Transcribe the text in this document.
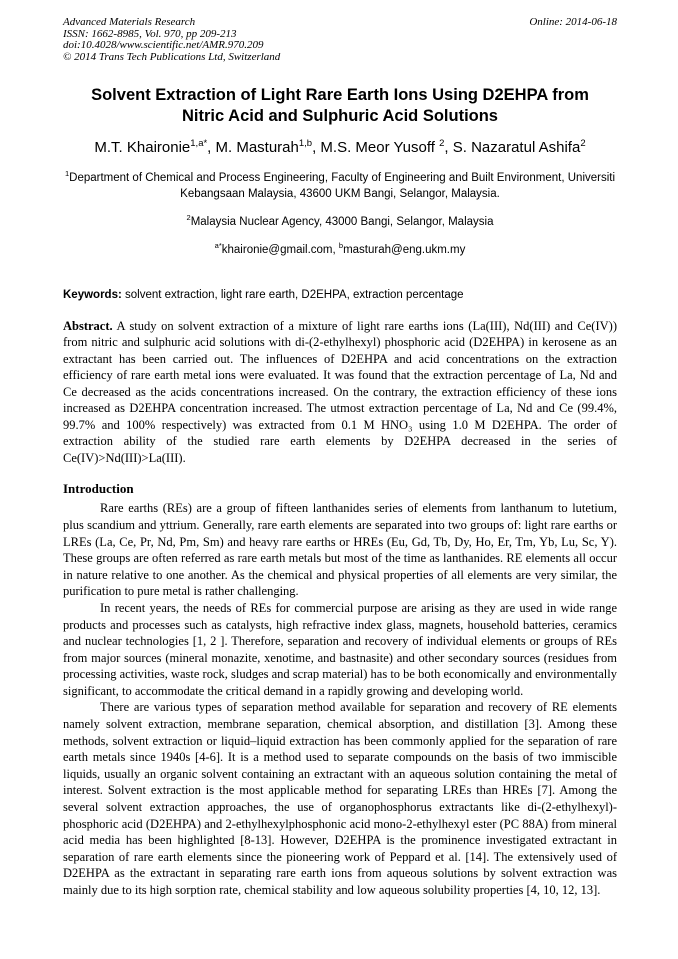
Advanced Materials Research
ISSN: 1662-8985, Vol. 970, pp 209-213
doi:10.4028/www.scientific.net/AMR.970.209
© 2014 Trans Tech Publications Ltd, Switzerland
Online: 2014-06-18
Solvent Extraction of Light Rare Earth Ions Using D2EHPA from Nitric Acid and Sulphuric Acid Solutions
M.T. Khaironie$^{1,a*}$, M. Masturah$^{1,b}$, M.S. Meor Yusoff $^2$, S. Nazaratul Ashifa$^2$
$^1$Department of Chemical and Process Engineering, Faculty of Engineering and Built Environment, Universiti Kebangsaan Malaysia, 43600 UKM Bangi, Selangor, Malaysia.
$^2$Malaysia Nuclear Agency, 43000 Bangi, Selangor, Malaysia
$^{a*}$khaironie@gmail.com, $^b$masturah@eng.ukm.my
Keywords: solvent extraction, light rare earth, D2EHPA, extraction percentage
Abstract. A study on solvent extraction of a mixture of light rare earths ions (La(III), Nd(III) and Ce(IV)) from nitric and sulphuric acid solutions with di-(2-ethylhexyl) phosphoric acid (D2EHPA) in kerosene as an extractant has been carried out. The influences of D2EHPA and acid concentrations on the extraction efficiency of rare earth metal ions were evaluated. It was found that the extraction percentage of La, Nd and Ce decreased as the acids concentrations increased. On the contrary, the extraction efficiency of these ions increased as D2EHPA concentration increased. The utmost extraction percentage of La, Nd and Ce (99.4%, 99.7% and 100% respectively) was extracted from 0.1 M HNO₃ using 1.0 M D2EHPA. The order of extraction ability of the studied rare earth elements by D2EHPA decreased in the series of Ce(IV)>Nd(III)>La(III).
Introduction

Rare earths (REs) are a group of fifteen lanthanides series of elements from lanthanum to lutetium, plus scandium and yttrium. Generally, rare earth elements are separated into two groups of: light rare earths or LREs (La, Ce, Pr, Nd, Pm, Sm) and heavy rare earths or HREs (Eu, Gd, Tb, Dy, Ho, Er, Tm, Yb, Lu, Sc, Y). These groups are often referred as rare earth metals but most of the time as lanthanides. RE elements all occur in nature relative to one another. As the chemical and physical properties of all elements are very similar, the purification to pure metal is rather challenging.

In recent years, the needs of REs for commercial purpose are arising as they are used in wide range products and processes such as catalysts, high refractive index glass, magnets, household batteries, ceramics and nuclear technologies [1, 2 ]. Therefore, separation and recovery of individual elements or groups of REs from major sources (mineral monazite, xenotime, and bastnasite) and other secondary sources (residues from processing activities, waste rock, sludges and scrap material) has to be both economically and environmentally significant, to accommodate the critical demand in a rapidly growing and developing world.

There are various types of separation method available for separation and recovery of RE elements namely solvent extraction, membrane separation, chemical absorption, and distillation [3]. Among these methods, solvent extraction or liquid–liquid extraction has been commonly applied for the separation of rare earth metals since 1940s [4-6]. It is a method used to separate compounds on the basis of two immiscible liquids, usually an organic solvent containing an extractant with an aqueous solution containing the metal of interest. Solvent extraction is the most applicable method for separating LREs than HREs [7]. Among the several solvent extraction approaches, the use of organophosphorus extractants like di-(2-ethylhexyl)-phosphoric acid (D2EHPA) and 2-ethylhexylphosphonic acid mono-2-ethylhexyl ester (PC 88A) from mineral acid media has been highlighted [8-13]. However, D2EHPA is the prominence investigated extractant in separation of rare earth elements since the pioneering work of Peppard et al. [14]. The extensively used of D2EHPA as the extractant in separating rare earth ions from aqueous solutions by solvent extraction was mainly due to its high sorption rate, chemical stability and low aqueous solubility properties [4, 10, 12, 13].
